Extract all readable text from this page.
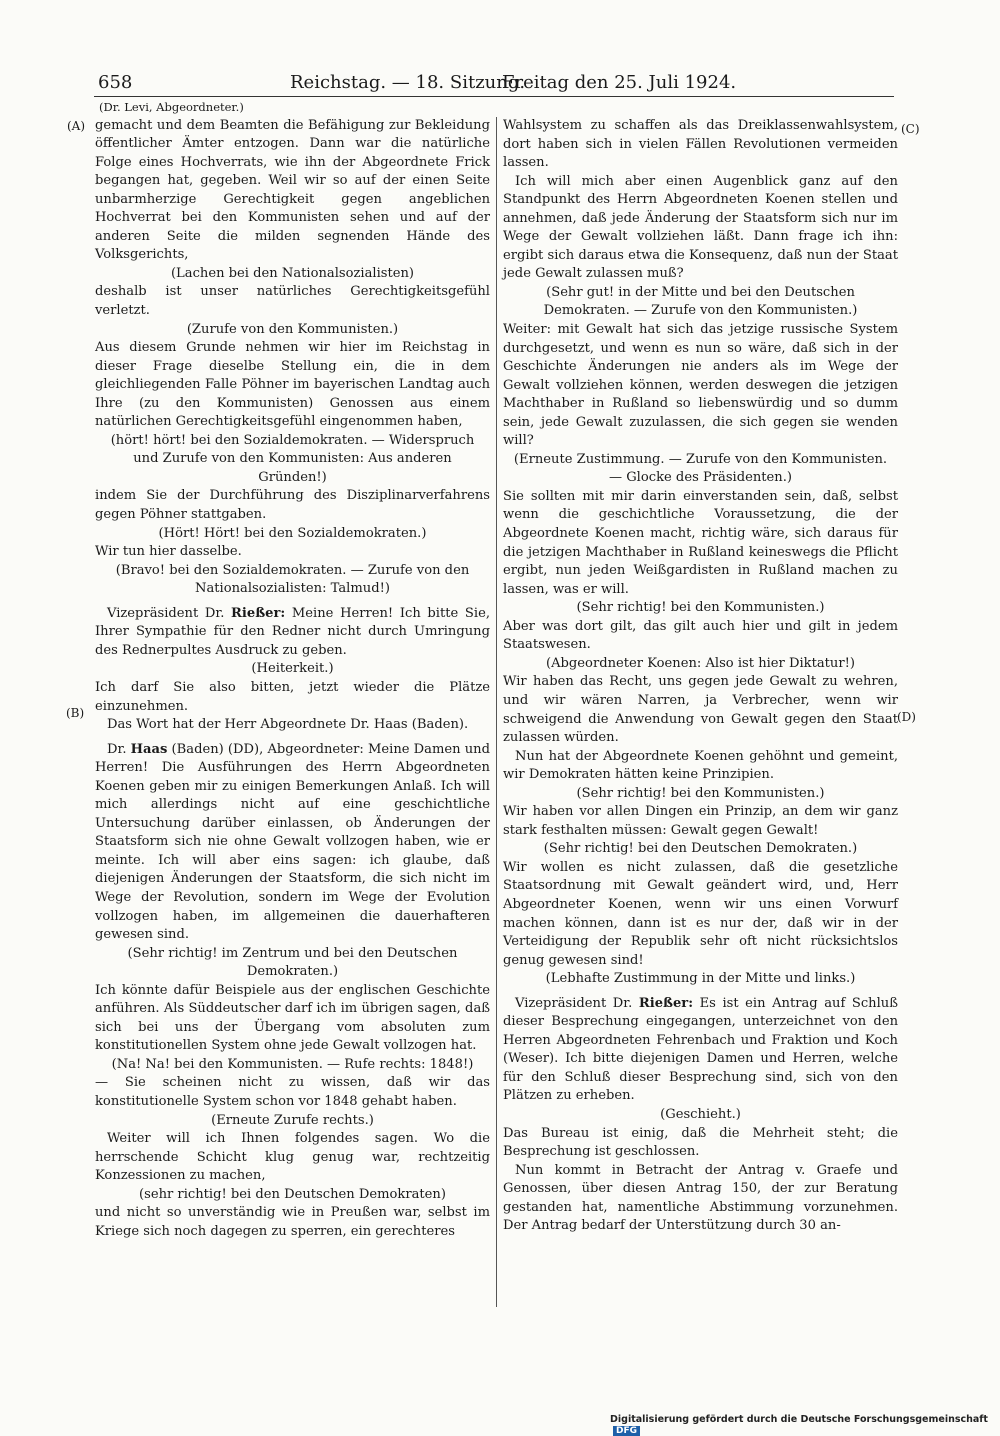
658	Reichstag. — 18. Sitzung.
Freitag den 25. Juli 1924.
(A)
(B)
(C)
(D)

(Dr. Levi, Abgeordneter.)

gemacht und dem Beamten die Befähigung zur Bekleidung öffentlicher Ämter entzogen. Dann war die natürliche Folge eines Hochverrats, wie ihn der Abgeordnete Frick begangen hat, gegeben. Weil wir so auf der einen Seite unbarmherzige Gerechtigkeit gegen angeblichen Hochverrat bei den Kommunisten sehen und auf der anderen Seite die milden segnenden Hände des Volksgerichts,

(Lachen bei den Nationalsozialisten)

deshalb ist unser natürliches Gerechtigkeitsgefühl verletzt.

(Zurufe von den Kommunisten.)

Aus diesem Grunde nehmen wir hier im Reichstag in dieser Frage dieselbe Stellung ein, die in dem gleichliegenden Falle Pöhner im bayerischen Landtag auch Ihre (zu den Kommunisten) Genossen aus einem natürlichen Gerechtigkeitsgefühl eingenommen haben,

(hört! hört! bei den Sozialdemokraten. — Widerspruch und Zurufe von den Kommunisten: Aus anderen Gründen!)

indem Sie der Durchführung des Disziplinarverfahrens gegen Pöhner stattgaben.

(Hört! Hört! bei den Sozialdemokraten.)

Wir tun hier dasselbe.

(Bravo! bei den Sozialdemokraten. — Zurufe von den Nationalsozialisten: Talmud!)

Vizepräsident Dr. Rießer: Meine Herren! Ich bitte Sie, Ihrer Sympathie für den Redner nicht durch Umringung des Rednerpultes Ausdruck zu geben.

(Heiterkeit.)

Ich darf Sie also bitten, jetzt wieder die Plätze einzunehmen.

Das Wort hat der Herr Abgeordnete Dr. Haas (Baden).

Dr. Haas (Baden) (DD), Abgeordneter: Meine Damen und Herren! Die Ausführungen des Herrn Abgeordneten Koenen geben mir zu einigen Bemerkungen Anlaß. Ich will mich allerdings nicht auf eine geschichtliche Untersuchung darüber einlassen, ob Änderungen der Staatsform sich nie ohne Gewalt vollzogen haben, wie er meinte. Ich will aber eins sagen: ich glaube, daß diejenigen Änderungen der Staatsform, die sich nicht im Wege der Revolution, sondern im Wege der Evolution vollzogen haben, im allgemeinen die dauerhafteren gewesen sind.

(Sehr richtig! im Zentrum und bei den Deutschen Demokraten.)

Ich könnte dafür Beispiele aus der englischen Geschichte anführen. Als Süddeutscher darf ich im übrigen sagen, daß sich bei uns der Übergang vom absoluten zum konstitutionellen System ohne jede Gewalt vollzogen hat.

(Na! Na! bei den Kommunisten. — Rufe rechts: 1848!)

— Sie scheinen nicht zu wissen, daß wir das konstitutionelle System schon vor 1848 gehabt haben.

(Erneute Zurufe rechts.)

Weiter will ich Ihnen folgendes sagen. Wo die herrschende Schicht klug genug war, rechtzeitig Konzessionen zu machen,

(sehr richtig! bei den Deutschen Demokraten)

und nicht so unverständig wie in Preußen war, selbst im Kriege sich noch dagegen zu sperren, ein gerechteres

Wahlsystem zu schaffen als das Dreiklassenwahlsystem, dort haben sich in vielen Fällen Revolutionen vermeiden lassen.

Ich will mich aber einen Augenblick ganz auf den Standpunkt des Herrn Abgeordneten Koenen stellen und annehmen, daß jede Änderung der Staatsform sich nur im Wege der Gewalt vollziehen läßt. Dann frage ich ihn: ergibt sich daraus etwa die Konsequenz, daß nun der Staat jede Gewalt zulassen muß?

(Sehr gut! in der Mitte und bei den Deutschen Demokraten. — Zurufe von den Kommunisten.)

Weiter: mit Gewalt hat sich das jetzige russische System durchgesetzt, und wenn es nun so wäre, daß sich in der Geschichte Änderungen nie anders als im Wege der Gewalt vollziehen können, werden deswegen die jetzigen Machthaber in Rußland so liebenswürdig und so dumm sein, jede Gewalt zuzulassen, die sich gegen sie wenden will?

(Erneute Zustimmung. — Zurufe von den Kommunisten. — Glocke des Präsidenten.)

Sie sollten mit mir darin einverstanden sein, daß, selbst wenn die geschichtliche Voraussetzung, die der Abgeordnete Koenen macht, richtig wäre, sich daraus für die jetzigen Machthaber in Rußland keineswegs die Pflicht ergibt, nun jeden Weißgardisten in Rußland machen zu lassen, was er will.

(Sehr richtig! bei den Kommunisten.)

Aber was dort gilt, das gilt auch hier und gilt in jedem Staatswesen.

(Abgeordneter Koenen: Also ist hier Diktatur!)

Wir haben das Recht, uns gegen jede Gewalt zu wehren, und wir wären Narren, ja Verbrecher, wenn wir schweigend die Anwendung von Gewalt gegen den Staat zulassen würden.

Nun hat der Abgeordnete Koenen gehöhnt und gemeint, wir Demokraten hätten keine Prinzipien.

(Sehr richtig! bei den Kommunisten.)

Wir haben vor allen Dingen ein Prinzip, an dem wir ganz stark festhalten müssen: Gewalt gegen Gewalt!

(Sehr richtig! bei den Deutschen Demokraten.)

Wir wollen es nicht zulassen, daß die gesetzliche Staatsordnung mit Gewalt geändert wird, und, Herr Abgeordneter Koenen, wenn wir uns einen Vorwurf machen können, dann ist es nur der, daß wir in der Verteidigung der Republik sehr oft nicht rücksichtslos genug gewesen sind!

(Lebhafte Zustimmung in der Mitte und links.)

Vizepräsident Dr. Rießer: Es ist ein Antrag auf Schluß dieser Besprechung eingegangen, unterzeichnet von den Herren Abgeordneten Fehrenbach und Fraktion und Koch (Weser). Ich bitte diejenigen Damen und Herren, welche für den Schluß dieser Besprechung sind, sich von den Plätzen zu erheben.

(Geschieht.)

Das Bureau ist einig, daß die Mehrheit steht; die Besprechung ist geschlossen.

Nun kommt in Betracht der Antrag v. Graefe und Genossen, über diesen Antrag 150, der zur Beratung gestanden hat, namentliche Abstimmung vorzunehmen. Der Antrag bedarf der Unterstützung durch 30 an-

Digitalisierung gefördert durch die Deutsche Forschungsgemeinschaft DFG
